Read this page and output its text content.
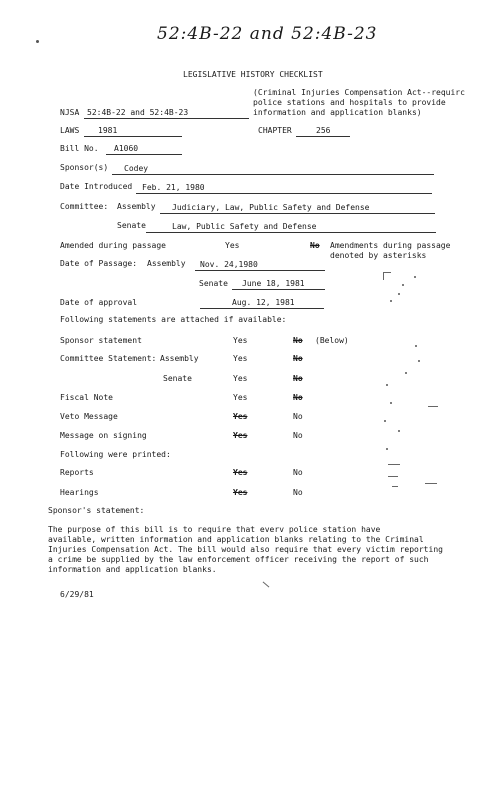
52:4B-22 and 52:4B-23
LEGISLATIVE HISTORY CHECKLIST
(Criminal Injuries Compensation Act--requirc
police stations and hospitals to provide
information and application blanks)
NJSA 52:4B-22 and 52:4B-23
LAWS 1981	CHAPTER	256
Bill No. A1060
Sponsor(s) Codey
Date Introduced Feb. 21, 1980
Committee: Assembly Judiciary, Law, Public Safety and Defense
Senate	Law, Public Safety and Defense
Amended during passage	Yes	No Amendments during passage
denoted by asterisks
Date of Passage: Assembly Nov. 24,1980
Senate June 18, 1981
Date of approval	Aug. 12, 1981
Following statements are attached if available:
Sponsor statement	Yes	No (Below)
Committee Statement: Assembly	Yes	No
Senate	Yes	No
Fiscal Note	Yes	No
Veto Message	Yes	No
Message on signing	Yes	No
Following were printed:
Reports	Yes	No
Hearings	Yes	No
Sponsor's statement:
The purpose of this bill is to require that everv police station have
available, written information and application blanks relating to the Criminal
Injuries Compensation Act. The bill would also require that every victim reporting
a crime be supplied by the law enforcement officer receiving the report of such
information and application blanks.
6/29/81
